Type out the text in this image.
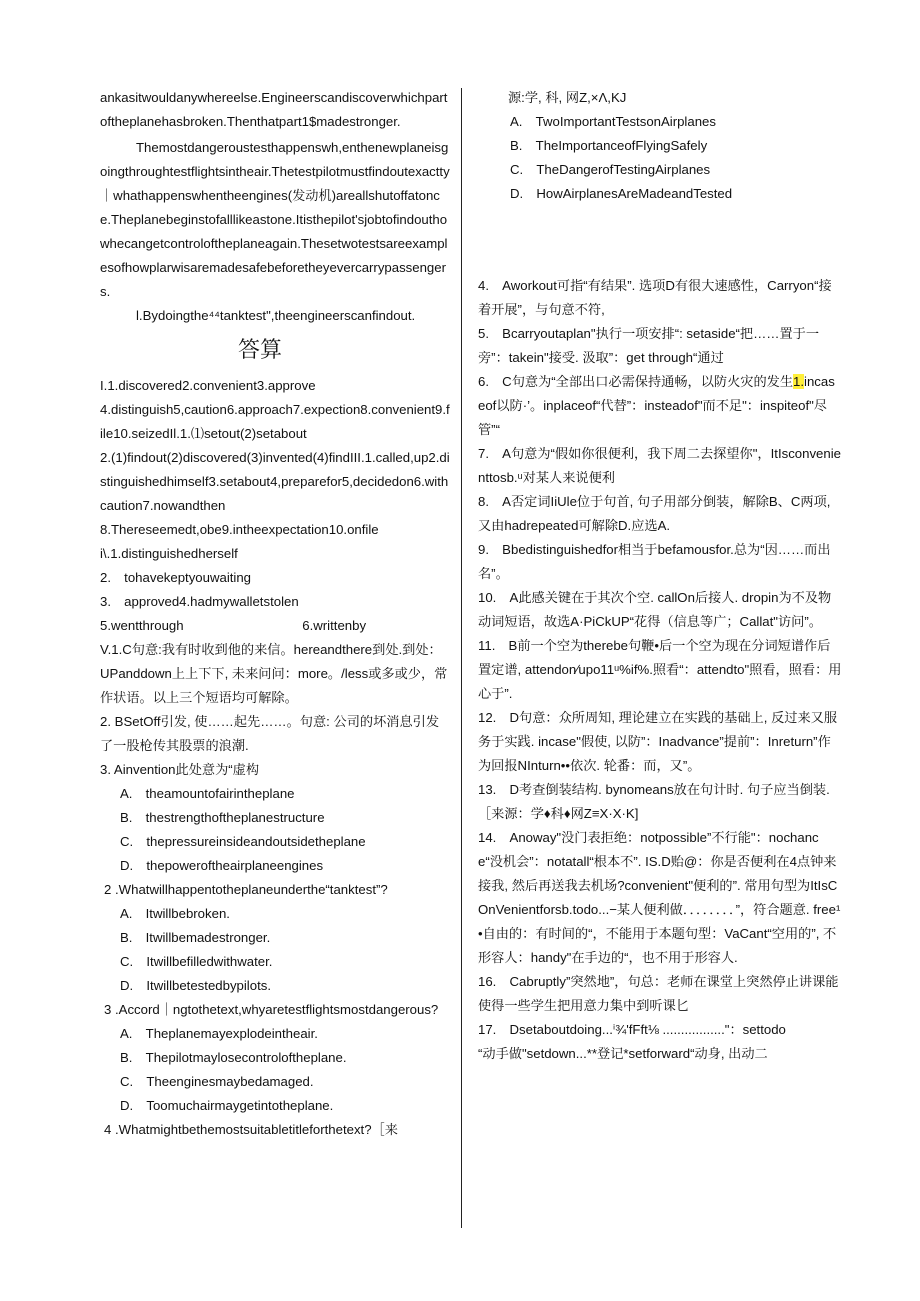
ankasitwouldanywhereelse.Engineerscandiscoverwhichpartoftheplanehasbroken.Thenthatpart1$madestronger.

Themostdangeroustesthappenswh,enthenewplaneisgoingthroughtestflightsintheair.Thetestpilotmustfindoutexactty｜whathappenswhentheengines(发动机)areallshutoffatonce.Theplanebeginstofalllikeastone.Itisthepilot'sjobtofindouthowhecangetcontroloftheplaneagain.Thesetwotestsareexamplesofhowplarwisaremadesafebeforetheyevercarrypassengers.

l.Bydoingthe⁴⁴tanktest",theengineerscanfindout.

答算

I.1.discovered2.convenient3.approve

4.distinguish5,caution6.approach7.expection8.convenient9.file10.seizedIl.1.⑴setout(2)setabout

2.(1)findout(2)discovered(3)invented(4)findIII.1.called,up2.distinguishedhimself3.setabout4,preparefor5,decidedon6.withcaution7.nowandthen

8.Thereseemedt,obe9.intheexpectation10.onfile

i\.1.distinguishedherself

2.　tohavekeptyouwaiting

3.　approved4.hadmywalletstolen

5.wentthrough　　　　　　　　　6.writtenby

V.1.C句意:我有时收到他的来信。hereandthere到处.到处：UPanddown上上下下, 未来问问：more。/less或多或少，常作状语。以上三个短语均可解除。

2. BSetOff引发, 使……起先……。句意: 公司的坏消息引发了一股枪传其股票的浪潮.

3. Ainvention此处意为“虚构

A.　theamountofairintheplane

B.　thestrengthoftheplanestructure

C.　thepressureinsideandoutsidetheplane

D.　thepoweroftheairplaneengines

2 .Whatwillhappentotheplaneunderthe“tanktest”?

A.　Itwillbebroken.

B.　Itwillbemadestronger.

C.　Itwillbefilledwithwater.

D.　Itwillbetestedbypilots.

3 .Accord｜ngtothetext,whyaretestflightsmostdangerous?

A.　Theplanemayexplodeintheair.

B.　Thepilotmaylosecontroloftheplane.

C.　Theenginesmaybedamaged.

D.　Toomuchairmaygetintotheplane.

4 .Whatmightbethemostsuitabletitleforthetext?［来

源:学, 科, 网Z,×Λ,KJ

A.　TwoImportantTestsonAirplanes

B.　TheImportanceofFlyingSafely

C.　TheDangerofTestingAirplanes

D.　HowAirplanesAreMadeandTested

4.　Aworkout可指“有结果”. 选项D有很大速感性，Carryon“接着开展”，与句意不符,

5.　Bcarryoutaplan"执行一项安排“: setaside“把……置于一旁”：takein"接受. 汲取”：get through“通过

6.　C句意为“全部出口必需保持通畅，以防火灾的发生1.incaseof以防·’。inplaceof“代替”：insteadof"而不足"：inspiteof"尽管”“

7.　A句意为“假如你很便利，我下周二去探望你"，ItIsconvenienttosb.ᵘ对某人来说便利

8.　A否定词IiUle位于句首, 句子用部分倒装，解除B、C两项, 又由hadrepeated可解除D.应选A.

9.　Bbedistinguishedfor相当于befamousfor.总为“因……而出名”。

10.　A此感关键在于其次个空. callOn后接人. dropin为不及物动词短语，故选A·PiCkUP“花得（信息等广；Callat"访问”。

11.　B前一个空为therebe句鞭•后一个空为现在分词短谱作后置定谱, attendon∕upo11ᵘ%if%.照看“：attendto"照看，照看：用心于”.

12.　D句意：众所周知, 理论建立在实践的基础上, 反过来又服务于实践. incase"假使, 以防”：Inadvance”提前”：Inreturn”作为回报NInturn••依次. 轮番：而，又”。

13.　D考查倒装结构. bynomeans放在句计时. 句子应当倒装.［来源：学♦科♦网Z≡X·X·K]

14.　Anoway"没门表拒绝：notpossible”不行能"：nochance“没机会”：notatall“根本不”. IS.D贻@：你是否便利在4点钟来接我, 然后再送我去机场?convenient"便利的”. 常用句型为ItIsCOnVenientforsb.todo...−某人便利做．．．．．．．．”，符合题意. free¹•自由的：有时间的“，不能用于本题句型：VaCant“空用的”, 不形容人：handy"在手边的“，也不用于形容人.

16.　Cabruptly”突然地”，句总：老师在课堂上突然停止讲课能使得一些学生把用意力集中到听课匕

17.　Dsetaboutdoing...ⁱ¾'fFft⅛ ................."：settodo

“动手做"setdown...**登记*setforward“动身, 出动二
